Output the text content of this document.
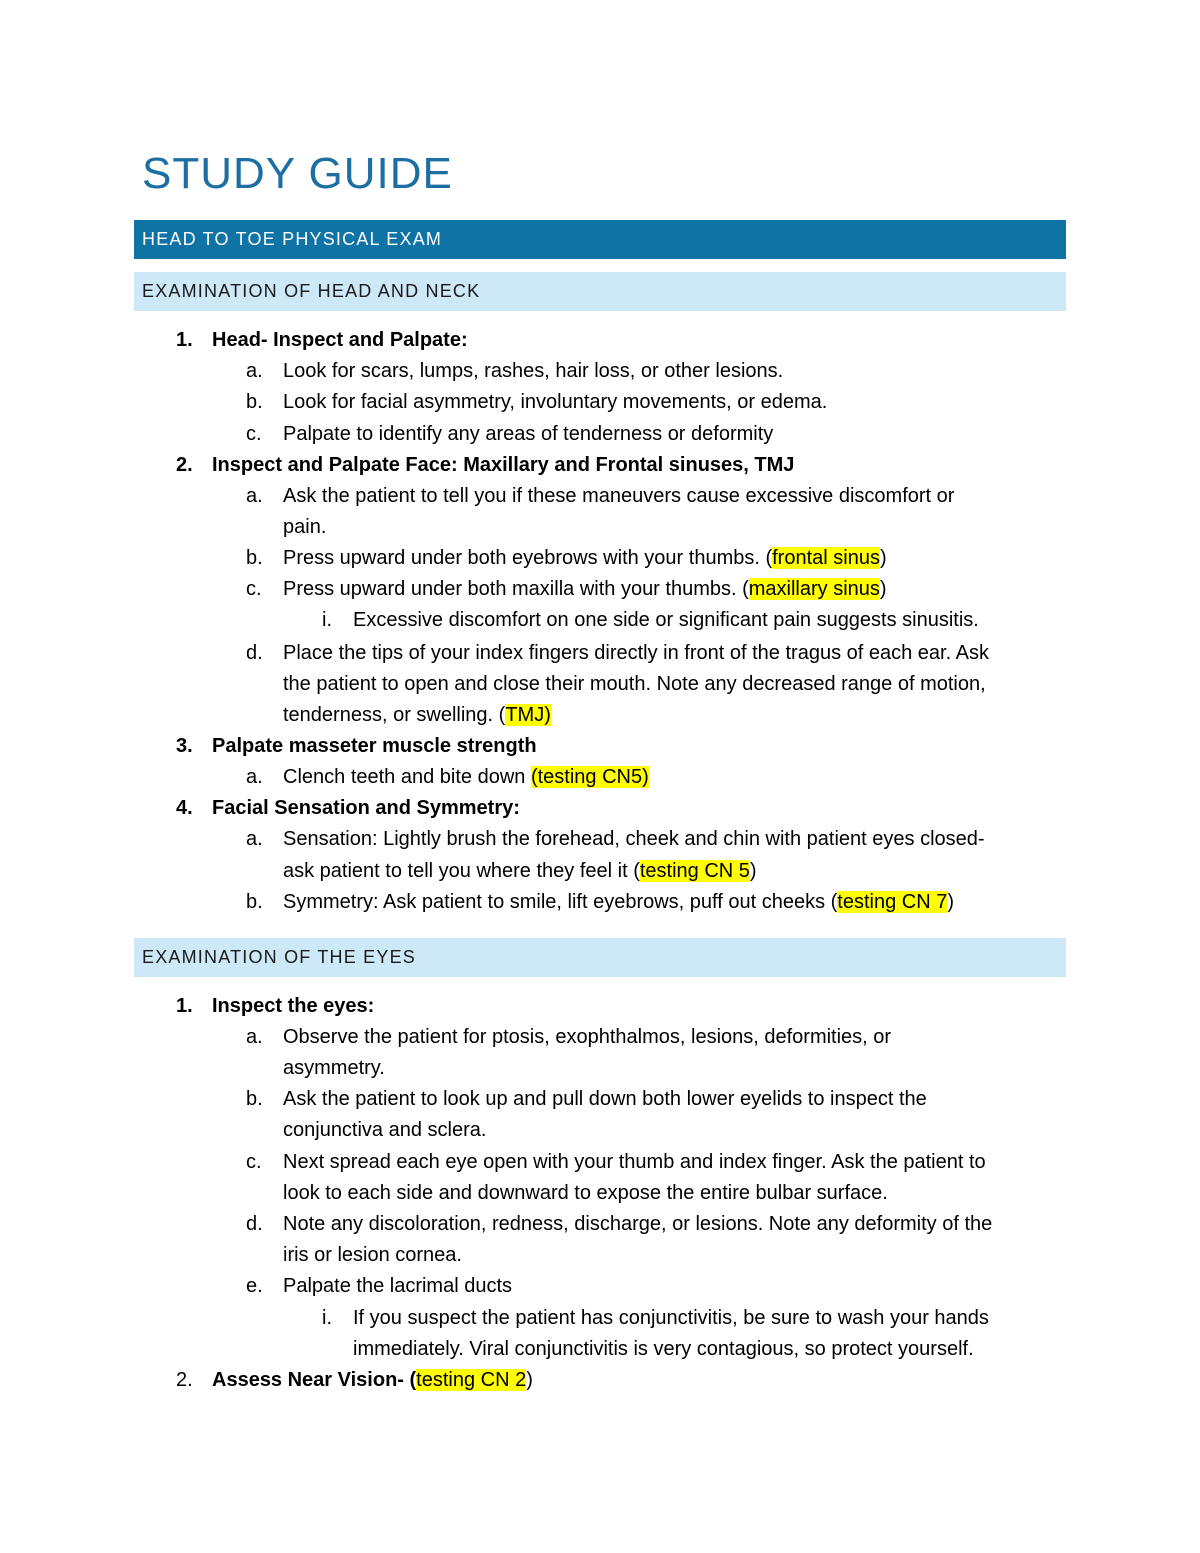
STUDY GUIDE
HEAD TO TOE PHYSICAL EXAM
EXAMINATION OF HEAD AND NECK
1. Head- Inspect and Palpate:
a.	Look for scars, lumps, rashes, hair loss, or other lesions.
b.	Look for facial asymmetry, involuntary movements, or edema.
c.	Palpate to identify any areas of tenderness or deformity
2. Inspect and Palpate Face: Maxillary and Frontal sinuses, TMJ
a.	Ask the patient to tell you if these maneuvers cause excessive discomfort or
pain.
b.	Press upward under both eyebrows with your thumbs. (frontal sinus)
c.	Press upward under both maxilla with your thumbs. (maxillary sinus)
i.	Excessive discomfort on one side or significant pain suggests sinusitis.
d.	Place the tips of your index fingers directly in front of the tragus of each ear. Ask
the patient to open and close their mouth. Note any decreased range of motion,
tenderness, or swelling. (TMJ)
3. Palpate masseter muscle strength
a.	Clench teeth and bite down (testing CN5)
4. Facial Sensation and Symmetry:
a.	Sensation: Lightly brush the forehead, cheek and chin with patient eyes closed-
ask patient to tell you where they feel it (testing CN 5)
b.	Symmetry: Ask patient to smile, lift eyebrows, puff out cheeks (testing CN 7)
EXAMINATION OF THE EYES
1. Inspect the eyes:
a.	Observe the patient for ptosis, exophthalmos, lesions, deformities, or
asymmetry.
b.	Ask the patient to look up and pull down both lower eyelids to inspect the
conjunctiva and sclera.
c.	Next spread each eye open with your thumb and index finger. Ask the patient to
look to each side and downward to expose the entire bulbar surface.
d.	Note any discoloration, redness, discharge, or lesions. Note any deformity of the
iris or lesion cornea.
e.	Palpate the lacrimal ducts
i.	If you suspect the patient has conjunctivitis, be sure to wash your hands
immediately. Viral conjunctivitis is very contagious, so protect yourself.
2. Assess Near Vision- (testing CN 2)
